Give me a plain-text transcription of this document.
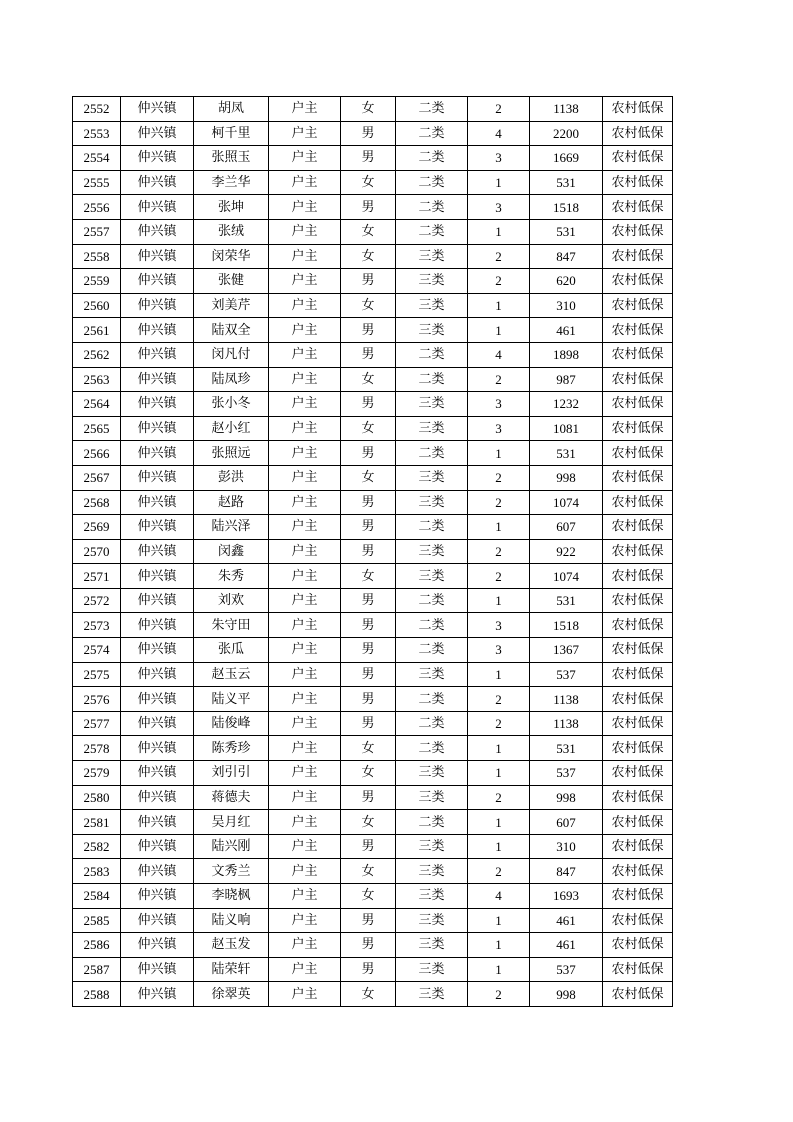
2552	仲兴镇	胡凤	户主	女	二类	2	1138	农村低保
2553	仲兴镇	柯千里	户主	男	二类	4	2200	农村低保
2554	仲兴镇	张照玉	户主	男	二类	3	1669	农村低保
2555	仲兴镇	李兰华	户主	女	二类	1	531	农村低保
2556	仲兴镇	张坤	户主	男	二类	3	1518	农村低保
2557	仲兴镇	张绒	户主	女	二类	1	531	农村低保
2558	仲兴镇	闵荣华	户主	女	三类	2	847	农村低保
2559	仲兴镇	张健	户主	男	三类	2	620	农村低保
2560	仲兴镇	刘美芹	户主	女	三类	1	310	农村低保
2561	仲兴镇	陆双全	户主	男	三类	1	461	农村低保
2562	仲兴镇	闵凡付	户主	男	二类	4	1898	农村低保
2563	仲兴镇	陆凤珍	户主	女	二类	2	987	农村低保
2564	仲兴镇	张小冬	户主	男	三类	3	1232	农村低保
2565	仲兴镇	赵小红	户主	女	三类	3	1081	农村低保
2566	仲兴镇	张照远	户主	男	二类	1	531	农村低保
2567	仲兴镇	彭洪	户主	女	三类	2	998	农村低保
2568	仲兴镇	赵路	户主	男	三类	2	1074	农村低保
2569	仲兴镇	陆兴泽	户主	男	二类	1	607	农村低保
2570	仲兴镇	闵鑫	户主	男	三类	2	922	农村低保
2571	仲兴镇	朱秀	户主	女	三类	2	1074	农村低保
2572	仲兴镇	刘欢	户主	男	二类	1	531	农村低保
2573	仲兴镇	朱守田	户主	男	二类	3	1518	农村低保
2574	仲兴镇	张瓜	户主	男	二类	3	1367	农村低保
2575	仲兴镇	赵玉云	户主	男	三类	1	537	农村低保
2576	仲兴镇	陆义平	户主	男	二类	2	1138	农村低保
2577	仲兴镇	陆俊峰	户主	男	二类	2	1138	农村低保
2578	仲兴镇	陈秀珍	户主	女	二类	1	531	农村低保
2579	仲兴镇	刘引引	户主	女	三类	1	537	农村低保
2580	仲兴镇	蒋德夫	户主	男	三类	2	998	农村低保
2581	仲兴镇	吴月红	户主	女	二类	1	607	农村低保
2582	仲兴镇	陆兴刚	户主	男	三类	1	310	农村低保
2583	仲兴镇	文秀兰	户主	女	三类	2	847	农村低保
2584	仲兴镇	李晓枫	户主	女	三类	4	1693	农村低保
2585	仲兴镇	陆义响	户主	男	三类	1	461	农村低保
2586	仲兴镇	赵玉发	户主	男	三类	1	461	农村低保
2587	仲兴镇	陆荣轩	户主	男	三类	1	537	农村低保
2588	仲兴镇	徐翠英	户主	女	三类	2	998	农村低保
